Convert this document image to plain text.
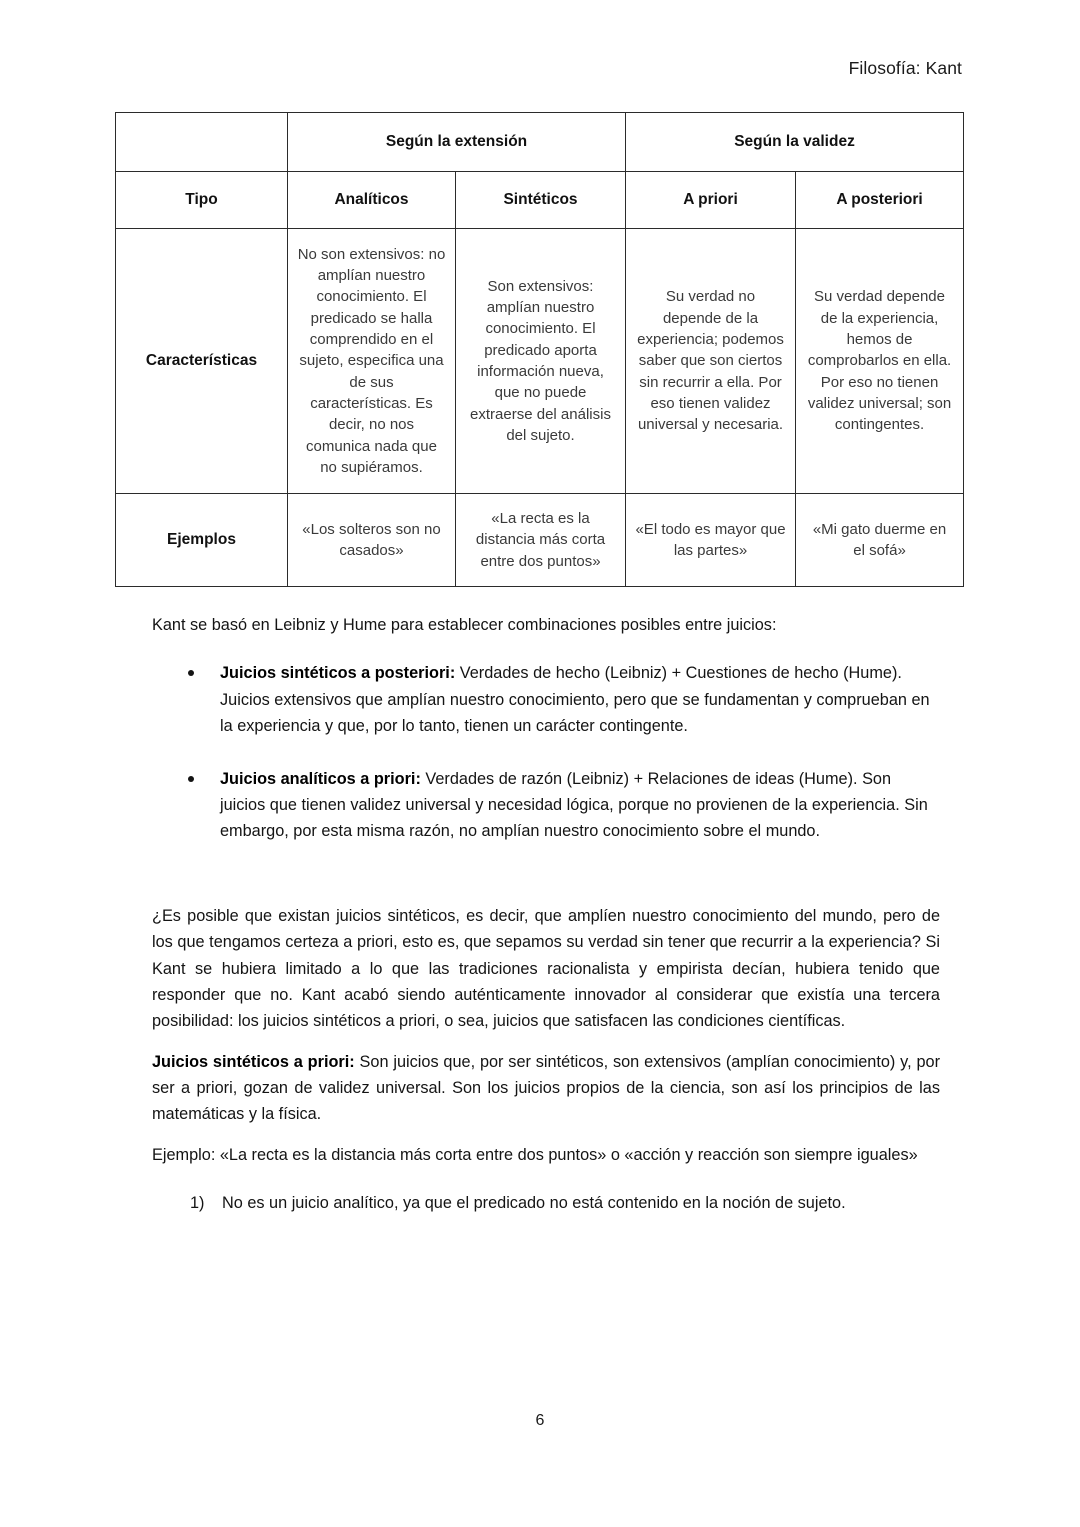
Filosofía: Kant
	Según la extensión		Según la validez	
Tipo	Analíticos	Sintéticos	A priori	A posteriori
Características	No son extensivos: no amplían nuestro conocimiento. El predicado se halla comprendido en el sujeto, especifica una de sus características. Es decir, no nos comunica nada que no supiéramos.	Son extensivos: amplían nuestro conocimiento. El predicado aporta información nueva, que no puede extraerse del análisis del sujeto.	Su verdad no depende de la experiencia; podemos saber que son ciertos sin recurrir a ella. Por eso tienen validez universal y necesaria.	Su verdad depende de la experiencia, hemos de comprobarlos en ella. Por eso no tienen validez universal; son contingentes.
Ejemplos	«Los solteros son no casados»	«La recta es la distancia más corta entre dos puntos»	«El todo es mayor que las partes»	«Mi gato duerme en el sofá»

Kant se basó en Leibniz y Hume para establecer combinaciones posibles entre juicios:

Juicios sintéticos a posteriori: Verdades de hecho (Leibniz) + Cuestiones de hecho (Hume). Juicios extensivos que amplían nuestro conocimiento, pero que se fundamentan y comprueban en la experiencia y que, por lo tanto, tienen un carácter contingente.
Juicios analíticos a priori: Verdades de razón (Leibniz) + Relaciones de ideas (Hume). Son juicios que tienen validez universal y necesidad lógica, porque no provienen de la experiencia. Sin embargo, por esta misma razón, no amplían nuestro conocimiento sobre el mundo.

¿Es posible que existan juicios sintéticos, es decir, que amplíen nuestro conocimiento del mundo, pero de los que tengamos certeza a priori, esto es, que sepamos su verdad sin tener que recurrir a la experiencia? Si Kant se hubiera limitado a lo que las tradiciones racionalista y empirista decían, hubiera tenido que responder que no. Kant acabó siendo auténticamente innovador al considerar que existía una tercera posibilidad: los juicios sintéticos a priori, o sea, juicios que satisfacen las condiciones científicas.

Juicios sintéticos a priori: Son juicios que, por ser sintéticos, son extensivos (amplían conocimiento) y, por ser a priori, gozan de validez universal. Son los juicios propios de la ciencia, son así los principios de las matemáticas y la física.

Ejemplo: «La recta es la distancia más corta entre dos puntos» o «acción y reacción son siempre iguales»

1) No es un juicio analítico, ya que el predicado no está contenido en la noción de sujeto.
6
